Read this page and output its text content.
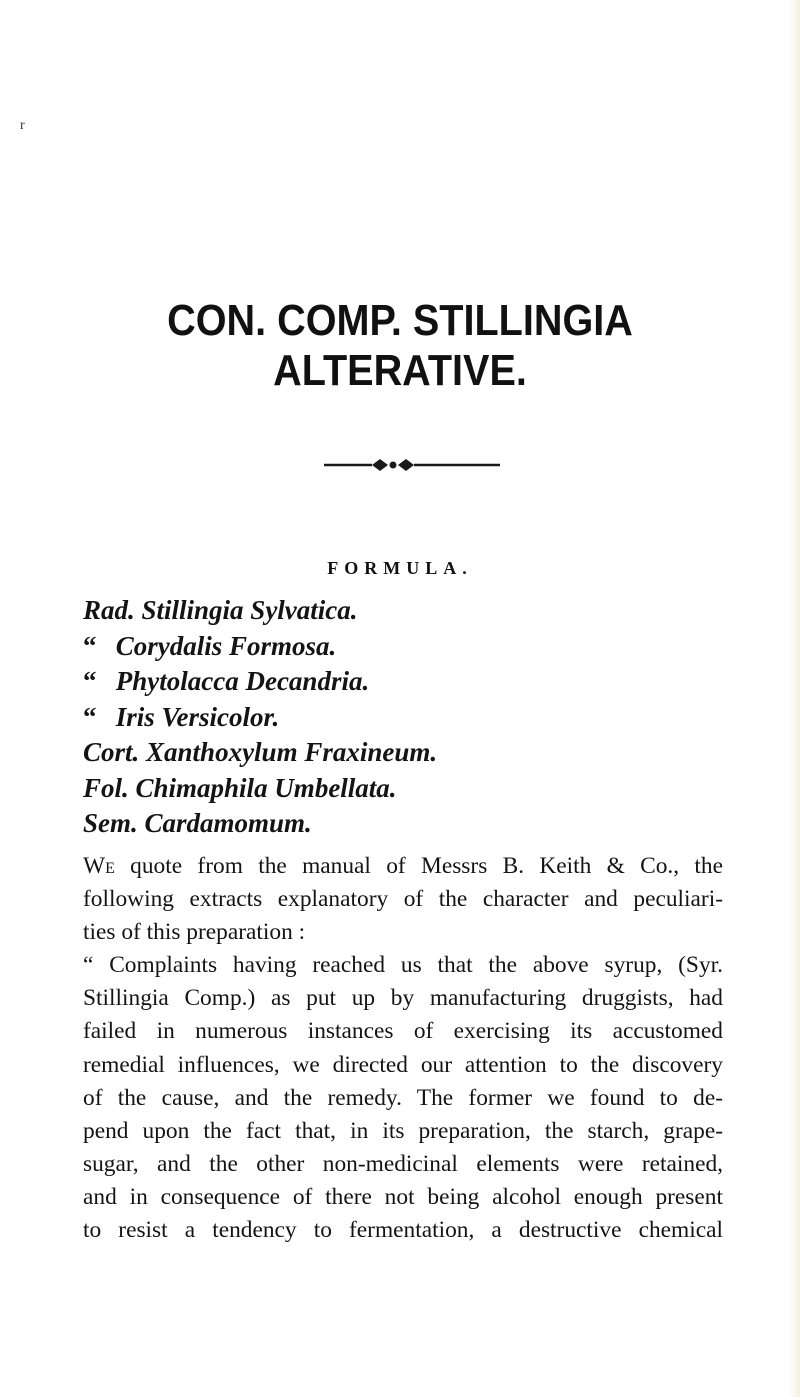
r
CON. COMP. STILLINGIA ALTERATIVE.
FORMULA.
Rad. Stillingia Sylvatica.
“ Corydalis Formosa.
“ Phytolacca Decandria.
“ Iris Versicolor.
Cort. Xanthoxylum Fraxineum.
Fol. Chimaphila Umbellata.
Sem. Cardamomum.
We quote from the manual of Messrs B. Keith & Co., the
following extracts explanatory of the character and peculiari-
ties of this preparation :
“ Complaints having reached us that the above syrup, (Syr.
Stillingia Comp.) as put up by manufacturing druggists, had
failed in numerous instances of exercising its accustomed
remedial influences, we directed our attention to the discovery
of the cause, and the remedy. The former we found to de-
pend upon the fact that, in its preparation, the starch, grape-
sugar, and the other non-medicinal elements were retained,
and in consequence of there not being alcohol enough present
to resist a tendency to fermentation, a destructive chemical
